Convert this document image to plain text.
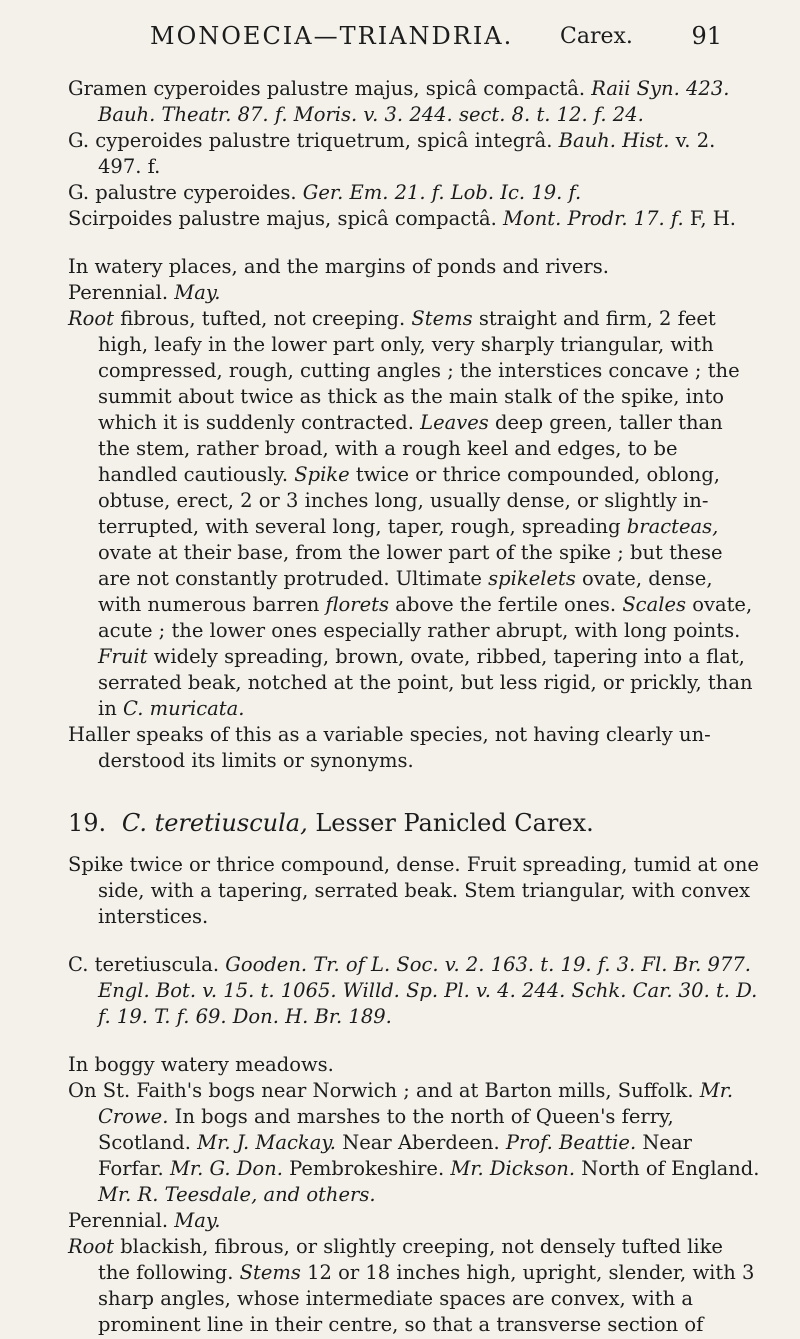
MONOECIA—TRIANDRIA. Carex. 91

Gramen cyperoides palustre majus, spicâ compactâ. Raii Syn. 423. Bauh. Theatr. 87. f. Moris. v. 3. 244. sect. 8. t. 12. f. 24.

G. cyperoides palustre triquetrum, spicâ integrâ. Bauh. Hist. v. 2. 497. f.

G. palustre cyperoides. Ger. Em. 21. f. Lob. Ic. 19. f.

Scirpoides palustre majus, spicâ compactâ. Mont. Prodr. 17. f. F, H.

In watery places, and the margins of ponds and rivers.

Perennial. May.

Root fibrous, tufted, not creeping. Stems straight and firm, 2 feet high, leafy in the lower part only, very sharply triangular, with compressed, rough, cutting angles ; the interstices concave ; the summit about twice as thick as the main stalk of the spike, into which it is suddenly contracted. Leaves deep green, taller than the stem, rather broad, with a rough keel and edges, to be handled cautiously. Spike twice or thrice compounded, oblong, obtuse, erect, 2 or 3 inches long, usually dense, or slightly in-terrupted, with several long, taper, rough, spreading bracteas, ovate at their base, from the lower part of the spike ; but these are not constantly protruded. Ultimate spikelets ovate, dense, with numerous barren florets above the fertile ones. Scales ovate, acute ; the lower ones especially rather abrupt, with long points. Fruit widely spreading, brown, ovate, ribbed, tapering into a flat, serrated beak, notched at the point, but less rigid, or prickly, than in C. muricata.

Haller speaks of this as a variable species, not having clearly un-derstood its limits or synonyms.

19. C. teretiuscula, Lesser Panicled Carex.

Spike twice or thrice compound, dense. Fruit spreading, tumid at one side, with a tapering, serrated beak. Stem triangular, with convex interstices.

C. teretiuscula. Gooden. Tr. of L. Soc. v. 2. 163. t. 19. f. 3. Fl. Br. 977. Engl. Bot. v. 15. t. 1065. Willd. Sp. Pl. v. 4. 244. Schk. Car. 30. t. D. f. 19. T. f. 69. Don. H. Br. 189.

In boggy watery meadows.

On St. Faith's bogs near Norwich ; and at Barton mills, Suffolk. Mr. Crowe. In bogs and marshes to the north of Queen's ferry, Scotland. Mr. J. Mackay. Near Aberdeen. Prof. Beattie. Near Forfar. Mr. G. Don. Pembrokeshire. Mr. Dickson. North of England. Mr. R. Teesdale, and others.

Perennial. May.

Root blackish, fibrous, or slightly creeping, not densely tufted like the following. Stems 12 or 18 inches high, upright, slender, with 3 sharp angles, whose intermediate spaces are convex, with a prominent line in their centre, so that a transverse section of
